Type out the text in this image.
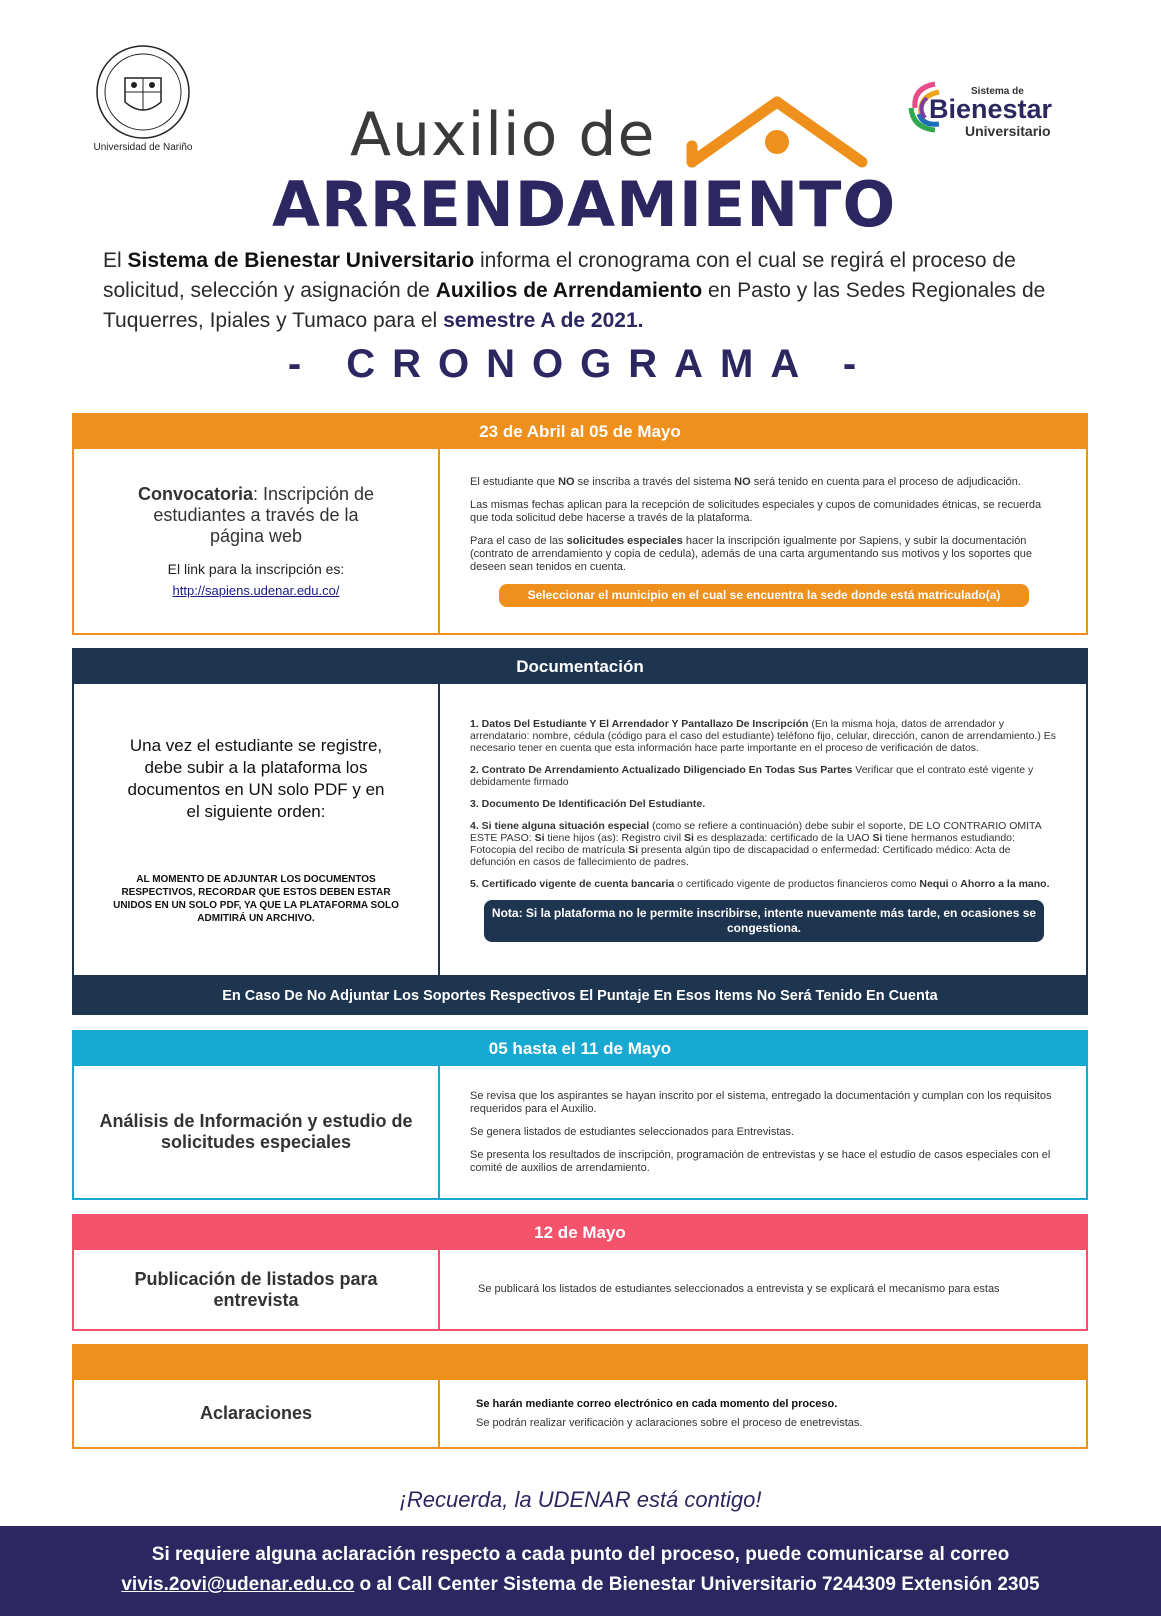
Universidad de Nariño
Sistema de
Bienestar
Universitario
Auxilio de
ARRENDAMIENTO
El Sistema de Bienestar Universitario informa el cronograma con el cual se regirá el proceso de solicitud, selección y asignación de Auxilios de Arrendamiento en Pasto y las Sedes Regionales de Tuquerres, Ipiales y Tumaco para el semestre A de 2021.
- CRONOGRAMA -
23 de Abril al 05 de Mayo
Convocatoria: Inscripción de estudiantes a través de la página web
El link para la inscripción es:
http://sapiens.udenar.edu.co/

El estudiante que NO se inscriba a través del sistema NO será tenido en cuenta para el proceso de adjudicación.

Las mismas fechas aplican para la recepción de solicitudes especiales y cupos de comunidades étnicas, se recuerda que toda solicitud debe hacerse a través de la plataforma.

Para el caso de las solicitudes especiales hacer la inscripción igualmente por Sapiens, y subir la documentación (contrato de arrendamiento y copia de cedula), además de una carta argumentando sus motivos y los soportes que deseen sean tenidos en cuenta.

Seleccionar el municipio en el cual se encuentra la sede donde está matriculado(a)
Documentación
Una vez el estudiante se registre, debe subir a la plataforma los documentos en UN solo PDF y en el siguiente orden:
AL MOMENTO DE ADJUNTAR LOS DOCUMENTOS RESPECTIVOS, RECORDAR QUE ESTOS DEBEN ESTAR UNIDOS EN UN SOLO PDF, YA QUE LA PLATAFORMA SOLO ADMITIRÁ UN ARCHIVO.

1. Datos Del Estudiante Y El Arrendador Y Pantallazo De Inscripción (En la misma hoja, datos de arrendador y arrendatario: nombre, cédula (código para el caso del estudiante) teléfono fijo, celular, dirección, canon de arrendamiento.) Es necesario tener en cuenta que esta información hace parte importante en el proceso de verificación de datos.

2. Contrato De Arrendamiento Actualizado Diligenciado En Todas Sus Partes Verificar que el contrato esté vigente y debidamente firmado

3. Documento De Identificación Del Estudiante.

4. Si tiene alguna situación especial (como se refiere a continuación) debe subir el soporte, DE LO CONTRARIO OMITA ESTE PASO: Si tiene hijos (as): Registro civil Si es desplazada: certificado de la UAO Si tiene hermanos estudiando: Fotocopia del recibo de matrícula Si presenta algún tipo de discapacidad o enfermedad: Certificado médico: Acta de defunción en casos de fallecimiento de padres.

5. Certificado vigente de cuenta bancaria o certificado vigente de productos financieros como Nequi o Ahorro a la mano.

Nota: Si la plataforma no le permite inscribirse, intente nuevamente más tarde, en ocasiones se congestiona.
En Caso De No Adjuntar Los Soportes Respectivos El Puntaje En Esos Items No Será Tenido En Cuenta
05 hasta el 11 de Mayo
Análisis de Información y estudio de solicitudes especiales

Se revisa que los aspirantes se hayan inscrito por el sistema, entregado la documentación y cumplan con los requisitos requeridos para el Auxilio.

Se genera listados de estudiantes seleccionados para Entrevistas.

Se presenta los resultados de inscripción, programación de entrevistas y se hace el estudio de casos especiales con el comité de auxilios de arrendamiento.

12 de Mayo
Publicación de listados para entrevista

Se publicará los listados de estudiantes seleccionados a entrevista y se explicará el mecanismo para estas

Aclaraciones	Se harán mediante correo electrónico en cada momento del proceso.

Se podrán realizar verificación y aclaraciones sobre el proceso de enetrevistas.

¡Recuerda, la UDENAR está contigo!
Si requiere alguna aclaración respecto a cada punto del proceso, puede comunicarse al correo
vivis.2ovi@udenar.edu.co o al Call Center Sistema de Bienestar Universitario 7244309 Extensión 2305
